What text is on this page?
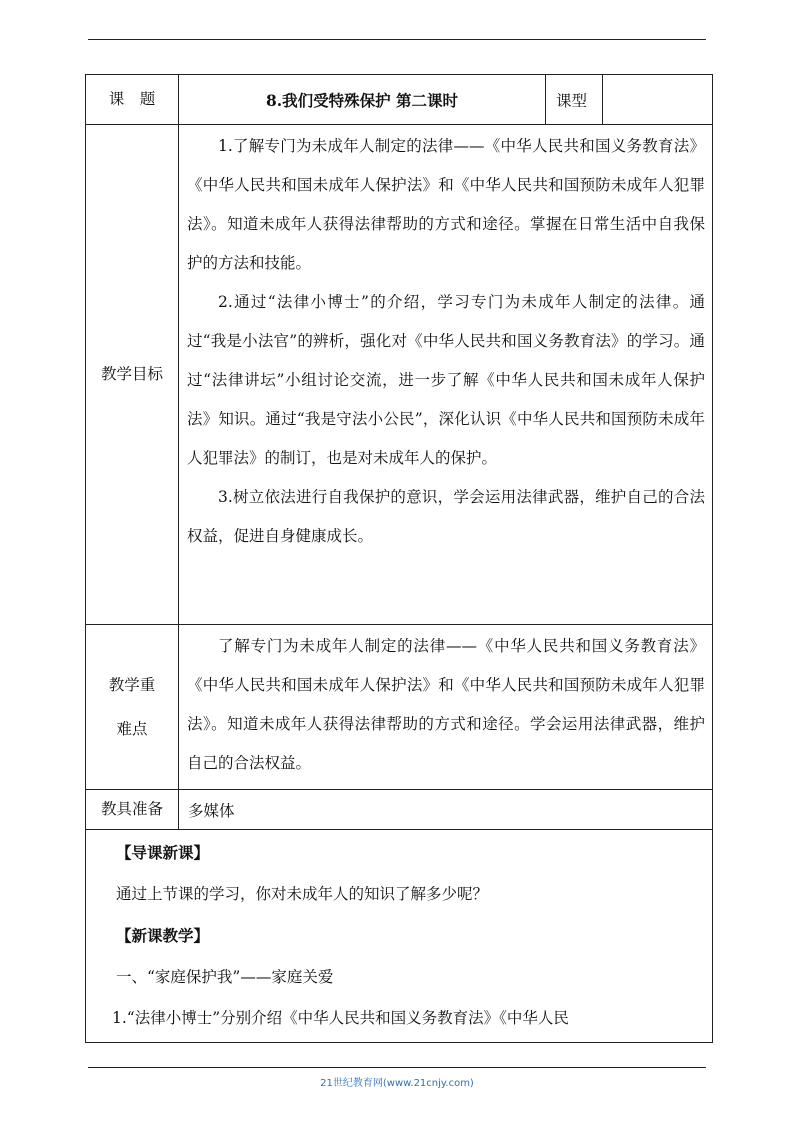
课　题	8.我们受特殊保护 第二课时	课型	
教学目标	1.了解专门为未成年人制定的法律——《中华人民共和国义务教育法》《中华人民共和国未成年人保护法》和《中华人民共和国预防未成年人犯罪法》。知道未成年人获得法律帮助的方式和途径。掌握在日常生活中自我保护的方法和技能。

2.通过“法律小博士”的介绍，学习专门为未成年人制定的法律。通过“我是小法官”的辨析，强化对《中华人民共和国义务教育法》的学习。通过“法律讲坛”小组讨论交流，进一步了解《中华人民共和国未成年人保护法》知识。通过“我是守法小公民”，深化认识《中华人民共和国预防未成年人犯罪法》的制订，也是对未成年人的保护。

3.树立依法进行自我保护的意识，学会运用法律武器，维护自己的合法权益，促进自身健康成长。		

教学重
难点	了解专门为未成年人制定的法律——《中华人民共和国义务教育法》《中华人民共和国未成年人保护法》和《中华人民共和国预防未成年人犯罪法》。知道未成年人获得法律帮助的方式和途径。学会运用法律武器，维护自己的合法权益。		

教具准备	多媒体		

【导课新课】

通过上节课的学习，你对未成年人的知识了解多少呢？

【新课教学】

一、“家庭保护我”——家庭关爱

1.“法律小博士”分别介绍《中华人民共和国义务教育法》《中华人民			

21世纪教育网(www.21cnjy.com)
